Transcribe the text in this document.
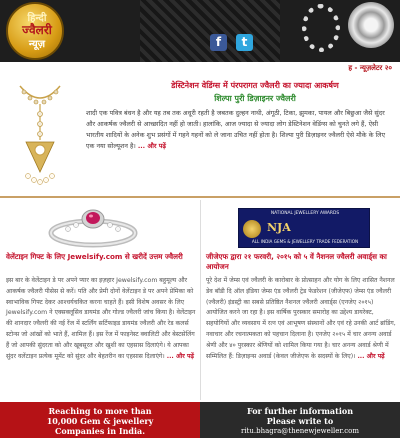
हिन्दी
ज्वैलरी
न्यूज़	f	t
ह - न्यूज़लेटर २०
डेस्टिनेशन वेडिंग्स में पंरपरागत ज्वैलरी का ज्यादा आकर्षण
शिल्पा पुरी डिज़ाइनर ज्वैलरी
शादी एक पवित्र बंधन है और यह तब तक अधूरी रहती है जबतक दुल्हन नाथी, अंगूठी, टिका, झुमका, पायल और बिछुआ जैसे सुंदर और आकर्षक ज्वैलरी से आच्छादित नहीं हो जाती। हालांकि, आज ज्यादा से ज्यादा लोग डेस्टिनेशन वेडिंग्स को चुनते लगे हैं, ऐसी भारतीय शादियों के अनेक शुभ प्रसंगों में गहने गहनों को ले जाना उचित नहीं होता है। शिल्पा पुरी डिज़ाइनर ज्वैलरी ऐसे मौके के लिए एक नया सोल्यूशन है। ... और पढ़ें
वेलेंटाइन गिफ्ट के लिए Jewelsify.com से खरीदें उत्तम ज्वैलरी
इस बार के वेलेंटाइन डे पर अपने प्यार का इज़हार Jewelsify.com बहुमूल्य और आकर्षक ज्वैलरी पीसेस से करें। पति और प्रेमी दोनों वेलेंटाइन डे पर अपने प्रेमिका को स्वाभाविक गिफ्ट देकर आश्चर्यचकित करना चाहते हैं। इसी विशेष अवसर के लिए Jewelsify.com ने एक्सक्लूसिव डायमंड और गोल्ड ज्वैलरी जांच किया है। वेलेंटाइन की शानदार ज्वैलरी की नई रेंज में स्टर्लिंग सर्टिफाइड डायमंड ज्वैलरी और रेड कलर्स स्टोन्स जो आंखों को भाते हैं, शामिल हैं। इस रेंज में फाइनेस्ट क्वालिटी और बेस्टसेलिंग हैं जो आपकी सुंदरता को और खूबसूरत और खुशी का एहसास दिलाएंगे। ये आपका सुंदर वलेंटाइन प्रत्येक मूमेंट को सुंदर और बेहतरीन का एहसास दिलाएंगे। ... और पढ़ें
NATIONAL JEWELLERY AWARDS
NJA
ALL INDIA GEMS & JEWELLERY TRADE FEDERATION
जीजेएफ द्वारा २१ फरवरी, २०१५ को ५ वें नैशनल ज्वैलरी अवार्ड्स का आयोजन
पूरे देश में जेम्स एवं ज्वैलरी के कारोबार के प्रोत्साहन और योग के लिए शासित नैशनल डेव बॉडी दि ऑल इंडिया जेम्स एंड ज्वैलरी ट्रेड फेडरेशन (जीजेएफ) जेम्स एंड ज्वैलरी (ज्वैलरी) इंडस्ट्री का सबसे प्रतिष्ठित नैशनल ज्वैलरी अवार्ड्स (एनजेए २०१५) आयोजित करने जा रहा है। इस वार्षिक पुरस्कार समारोह का उद्देश्य डायरेक्ट, सहयोगियों और व्यवसाय में रत्न एवं आभूषण संस्थानों और एवं रहे उनकी आर्ट ब्रांडिंग, नवाचार और रचनात्मकता को पहचान दिलाना है। एनजेए २०१५ में चार अनन्य अवार्ड श्रेणी और ४० पुरस्कार श्रेणियों को शामिल किया गया है। चार अनन्य अवार्ड श्रेणी में सम्मिलित हैं: डिज़ाइन्स अवार्ड (केवल जीजेएफ के सदस्यों के लिए)। ... और पढ़ें
Reaching to more than
10,000 Gem & jewellery
Companies in India.
For further information
Please write to
ritu.bhagra@thenewjeweller.com
